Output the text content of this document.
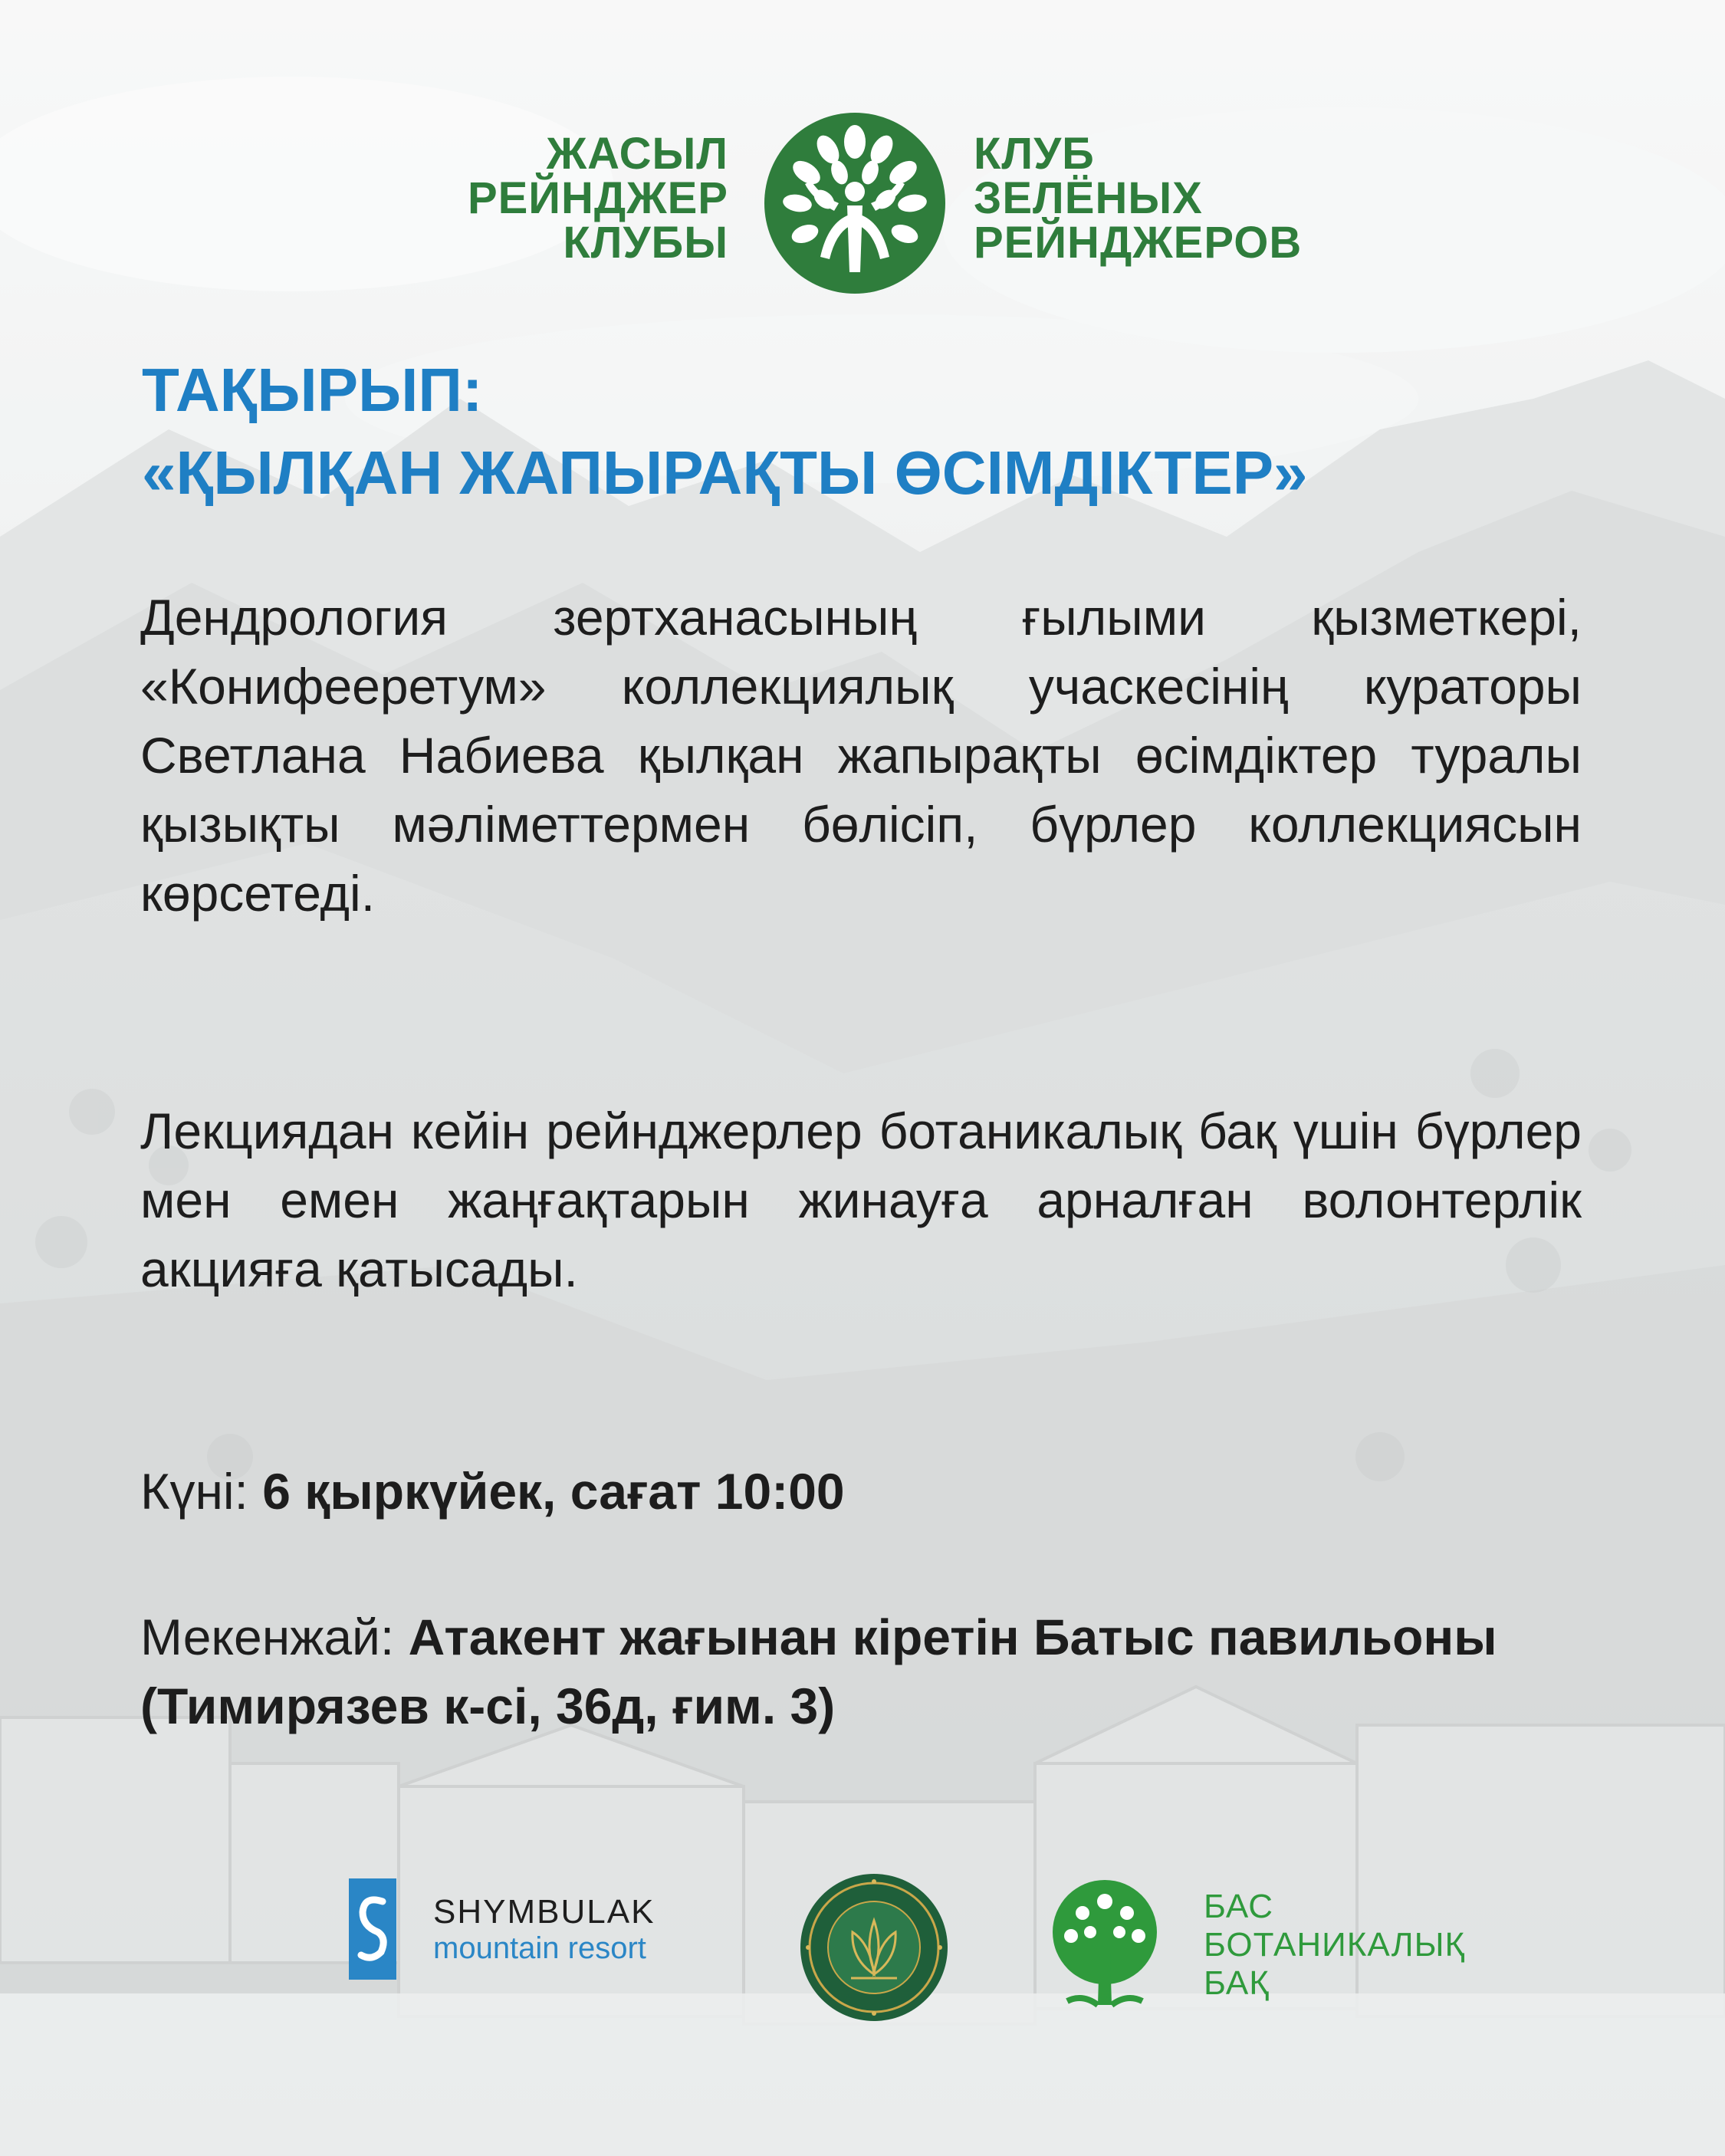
ЖАСЫЛ
РЕЙНДЖЕР
КЛУБЫ
КЛУБ
ЗЕЛЁНЫХ
РЕЙНДЖЕРОВ
ТАҚЫРЫП:
«ҚЫЛҚАН ЖАПЫРАҚТЫ ӨСІМДІКТЕР»
Дендрология зертханасының ғылыми қызметкері, «Конифеeретум» коллекциялық учаскесінің кураторы Светлана Набиева қылқан жапырақты өсімдіктер туралы қызықты мәліметтермен бөлісіп, бүрлер коллекциясын көрсетеді.
Лекциядан кейін рейнджерлер ботаникалық бақ үшін бүрлер мен емен жаңғақтарын жинауға арналған волонтерлік акцияға қатысады.
Күні: 6 қыркүйек, сағат 10:00
Мекенжай: Атакент жағынан кіретін Батыс павильоны (Тимирязев к-сі, 36д, ғим. 3)
SHYMBULAK
mountain resort
БАС
БОТАНИКАЛЫҚ
БАҚ
